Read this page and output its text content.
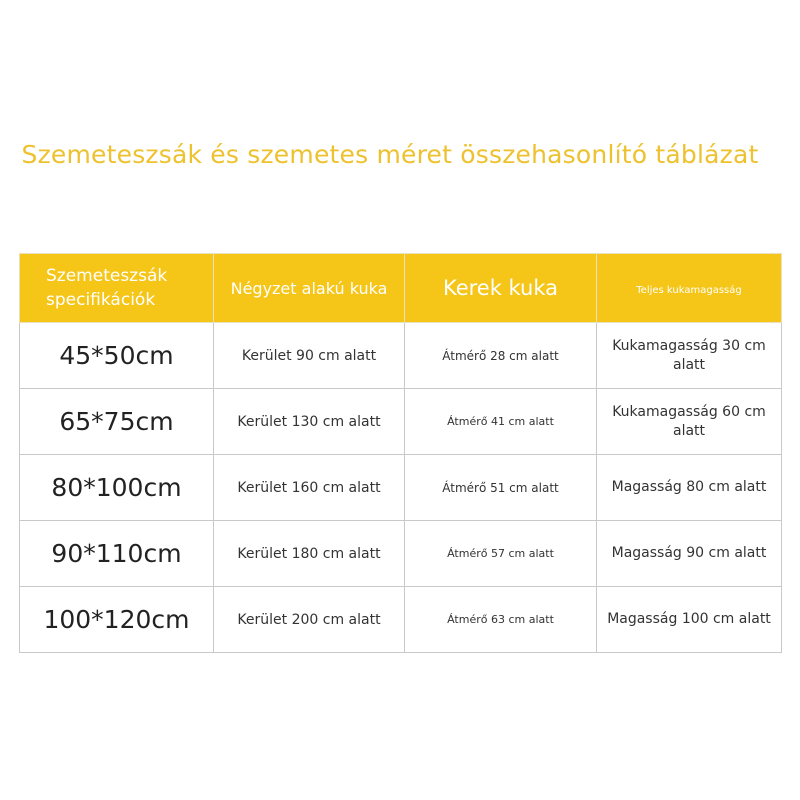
Szemeteszsák és szemetes méret összehasonlító táblázat
Szemeteszsák specifikációk	Négyzet alakú kuka	Kerek kuka	Teljes kukamagasság
45*50cm	Kerület 90 cm alatt	Átmérő 28 cm alatt	Kukamagasság 30 cm alatt
65*75cm	Kerület 130 cm alatt	Átmérő 41 cm alatt	Kukamagasság 60 cm alatt
80*100cm	Kerület 160 cm alatt	Átmérő 51 cm alatt	Magasság 80 cm alatt
90*110cm	Kerület 180 cm alatt	Átmérő 57 cm alatt	Magasság 90 cm alatt
100*120cm	Kerület 200 cm alatt	Átmérő 63 cm alatt	Magasság 100 cm alatt
